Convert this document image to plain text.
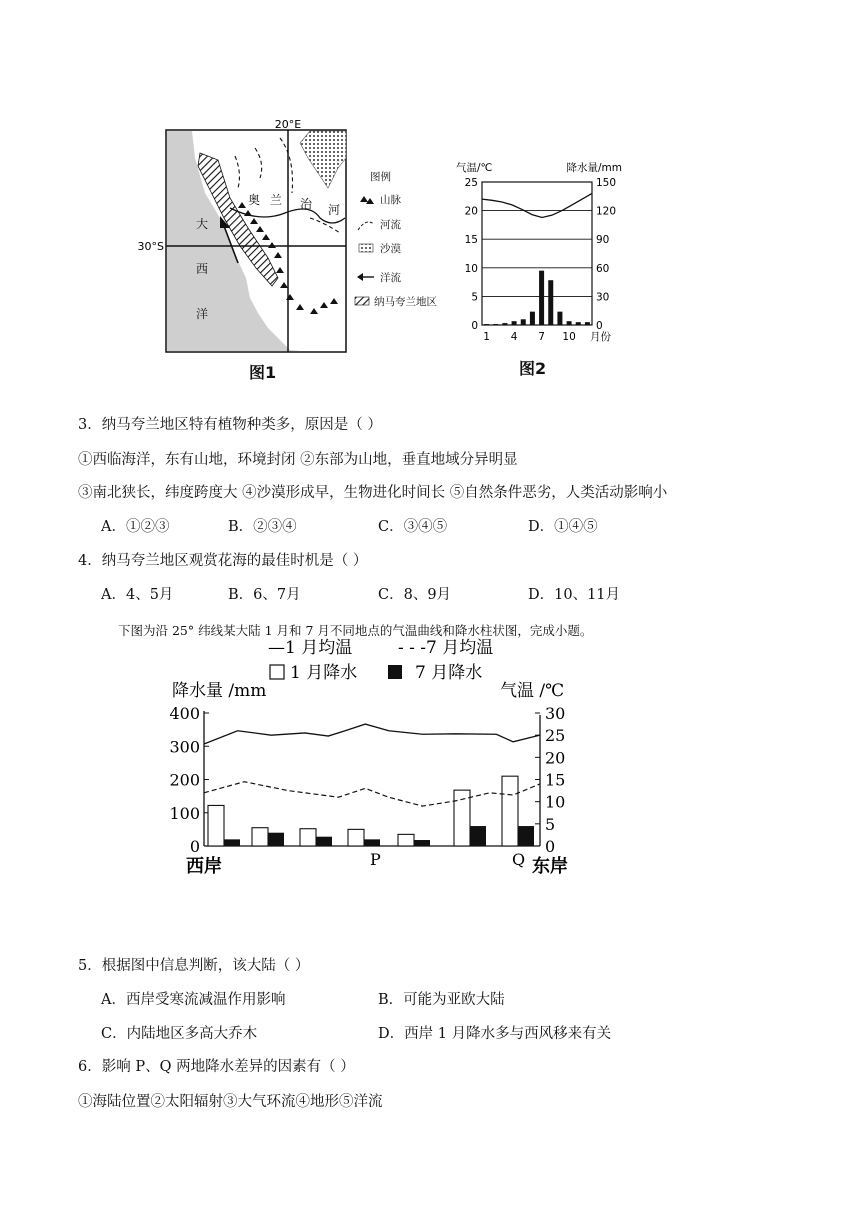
20°E
30°S
奥 兰 治 河
大
西
洋
图例
山脉
河流
沙漠
洋流
纳马夸兰地区
图1
气温/℃	降水量/mm
0
5
10
15
20
25
0
30
60
90
120
150
1 4 7 10 月份
图2
3．纳马夸兰地区特有植物种类多，原因是（ ）
①西临海洋，东有山地，环境封闭 ②东部为山地，垂直地域分异明显
③南北狭长，纬度跨度大 ④沙漠形成早，生物进化时间长 ⑤自然条件恶劣，人类活动影响小
A．①②③	B．②③④	C．③④⑤	D．①④⑤
4．纳马夸兰地区观赏花海的最佳时机是（ ）
A．4、5月	B．6、7月	C．8、9月	D．10、11月
下图为沿 25° 纬线某大陆 1 月和 7 月不同地点的气温曲线和降水柱状图，完成小题。
—1 月均温	- - -7 月均温
1 月降水	7 月降水
降水量 /mm	气温 /℃
0
100
200
300
400
0
5
10
15
20
25
30
西岸	P	Q 东岸
5．根据图中信息判断，该大陆（ ）
A．西岸受寒流减温作用影响	B．可能为亚欧大陆
C．内陆地区多高大乔木	D．西岸 1 月降水多与西风移来有关
6．影响 P、Q 两地降水差异的因素有（ ）
①海陆位置②太阳辐射③大气环流④地形⑤洋流
